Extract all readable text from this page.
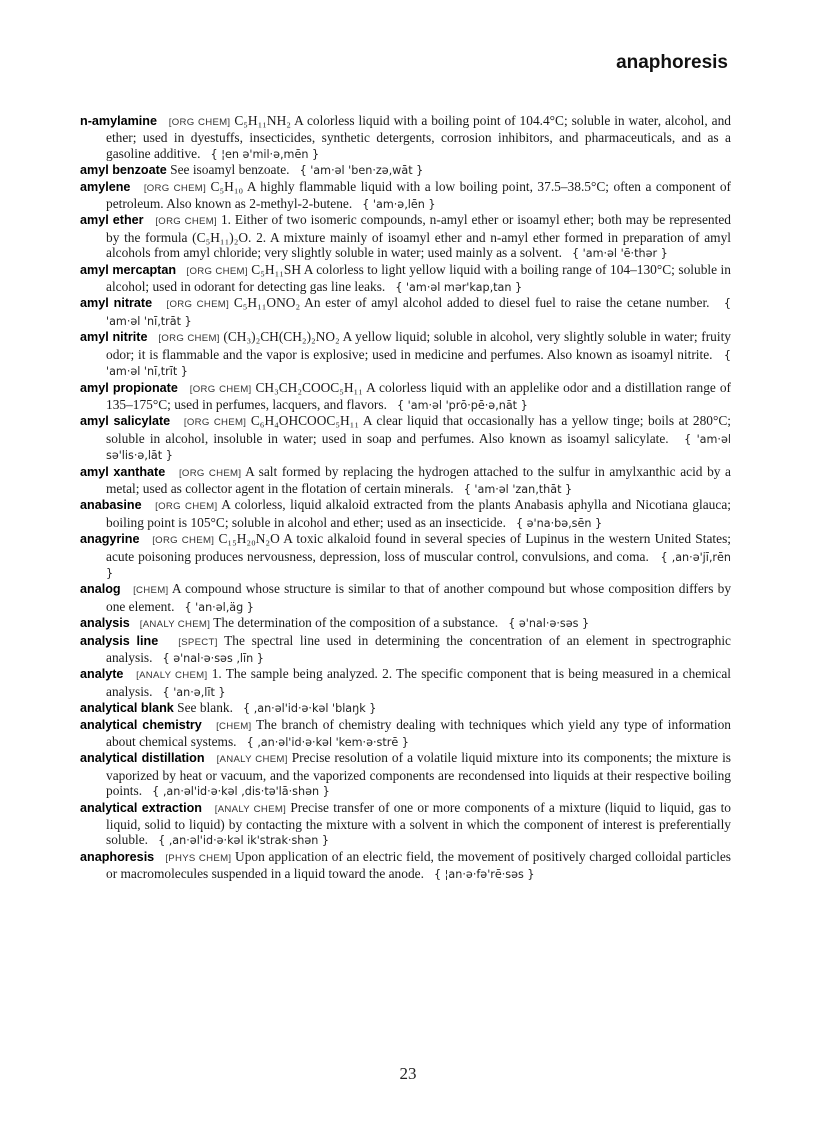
anaphoresis

n-amylamine [ORG CHEM] C₅H₁₁NH₂ A colorless liquid with a boiling point of 104.4°C; soluble in water, alcohol, and ether; used in dyestuffs, insecticides, synthetic detergents, corrosion inhibitors, and pharmaceuticals, and as a gasoline additive. { ¦en ə'mil·ə‚mēn }

amyl benzoate See isoamyl benzoate. { 'am·əl 'ben·zə‚wāt }

amylene [ORG CHEM] C₅H₁₀ A highly flammable liquid with a low boiling point, 37.5–38.5°C; often a component of petroleum. Also known as 2-methyl-2-butene. { 'am·ə‚lēn }

amyl ether [ORG CHEM] 1. Either of two isomeric compounds, n-amyl ether or isoamyl ether; both may be represented by the formula (C₅H₁₁)₂O. 2. A mixture mainly of isoamyl ether and n-amyl ether formed in preparation of amyl alcohols from amyl chloride; very slightly soluble in water; used mainly as a solvent. { 'am·əl 'ē·thər }

amyl mercaptan [ORG CHEM] C₅H₁₁SH A colorless to light yellow liquid with a boiling range of 104–130°C; soluble in alcohol; used in odorant for detecting gas line leaks. { 'am·əl mər'kap‚tan }

amyl nitrate [ORG CHEM] C₅H₁₁ONO₂ An ester of amyl alcohol added to diesel fuel to raise the cetane number. { 'am·əl 'nī‚trāt }

amyl nitrite [ORG CHEM] (CH₃)₂CH(CH₂)₂NO₂ A yellow liquid; soluble in alcohol, very slightly soluble in water; fruity odor; it is flammable and the vapor is explosive; used in medicine and perfumes. Also known as isoamyl nitrite. { 'am·əl 'nī‚trīt }

amyl propionate [ORG CHEM] CH₃CH₂COOC₅H₁₁ A colorless liquid with an applelike odor and a distillation range of 135–175°C; used in perfumes, lacquers, and flavors. { 'am·əl 'prō·pē·ə‚nāt }

amyl salicylate [ORG CHEM] C₆H₄OHCOOC₅H₁₁ A clear liquid that occasionally has a yellow tinge; boils at 280°C; soluble in alcohol, insoluble in water; used in soap and perfumes. Also known as isoamyl salicylate. { 'am·əl sə'lis·ə‚lāt }

amyl xanthate [ORG CHEM] A salt formed by replacing the hydrogen attached to the sulfur in amylxanthic acid by a metal; used as collector agent in the flotation of certain minerals. { 'am·əl 'zan‚thāt }

anabasine [ORG CHEM] A colorless, liquid alkaloid extracted from the plants Anabasis aphylla and Nicotiana glauca; boiling point is 105°C; soluble in alcohol and ether; used as an insecticide. { ə'na·bə‚sēn }

anagyrine [ORG CHEM] C₁₅H₂₀N₂O A toxic alkaloid found in several species of Lupinus in the western United States; acute poisoning produces nervousness, depression, loss of muscular control, convulsions, and coma. { ‚an·ə'jī‚rēn }

analog [CHEM] A compound whose structure is similar to that of another compound but whose composition differs by one element. { 'an·əl‚äg }

analysis [ANALY CHEM] The determination of the composition of a substance. { ə'nal·ə·səs }

analysis line [SPECT] The spectral line used in determining the concentration of an element in spectrographic analysis. { ə'nal·ə·səs ‚līn }

analyte [ANALY CHEM] 1. The sample being analyzed. 2. The specific component that is being measured in a chemical analysis. { 'an·ə‚līt }

analytical blank See blank. { ‚an·əl'id·ə·kəl 'blaŋk }

analytical chemistry [CHEM] The branch of chemistry dealing with techniques which yield any type of information about chemical systems. { ‚an·əl'id·ə·kəl 'kem·ə·strē }

analytical distillation [ANALY CHEM] Precise resolution of a volatile liquid mixture into its components; the mixture is vaporized by heat or vacuum, and the vaporized components are recondensed into liquids at their respective boiling points. { ‚an·əl'id·ə·kəl ‚dis·tə'lā·shən }

analytical extraction [ANALY CHEM] Precise transfer of one or more components of a mixture (liquid to liquid, gas to liquid, solid to liquid) by contacting the mixture with a solvent in which the component of interest is preferentially soluble. { ‚an·əl'id·ə·kəl ik'strak·shən }

anaphoresis [PHYS CHEM] Upon application of an electric field, the movement of positively charged colloidal particles or macromolecules suspended in a liquid toward the anode. { ¦an·ə·fə'rē·səs }

23
